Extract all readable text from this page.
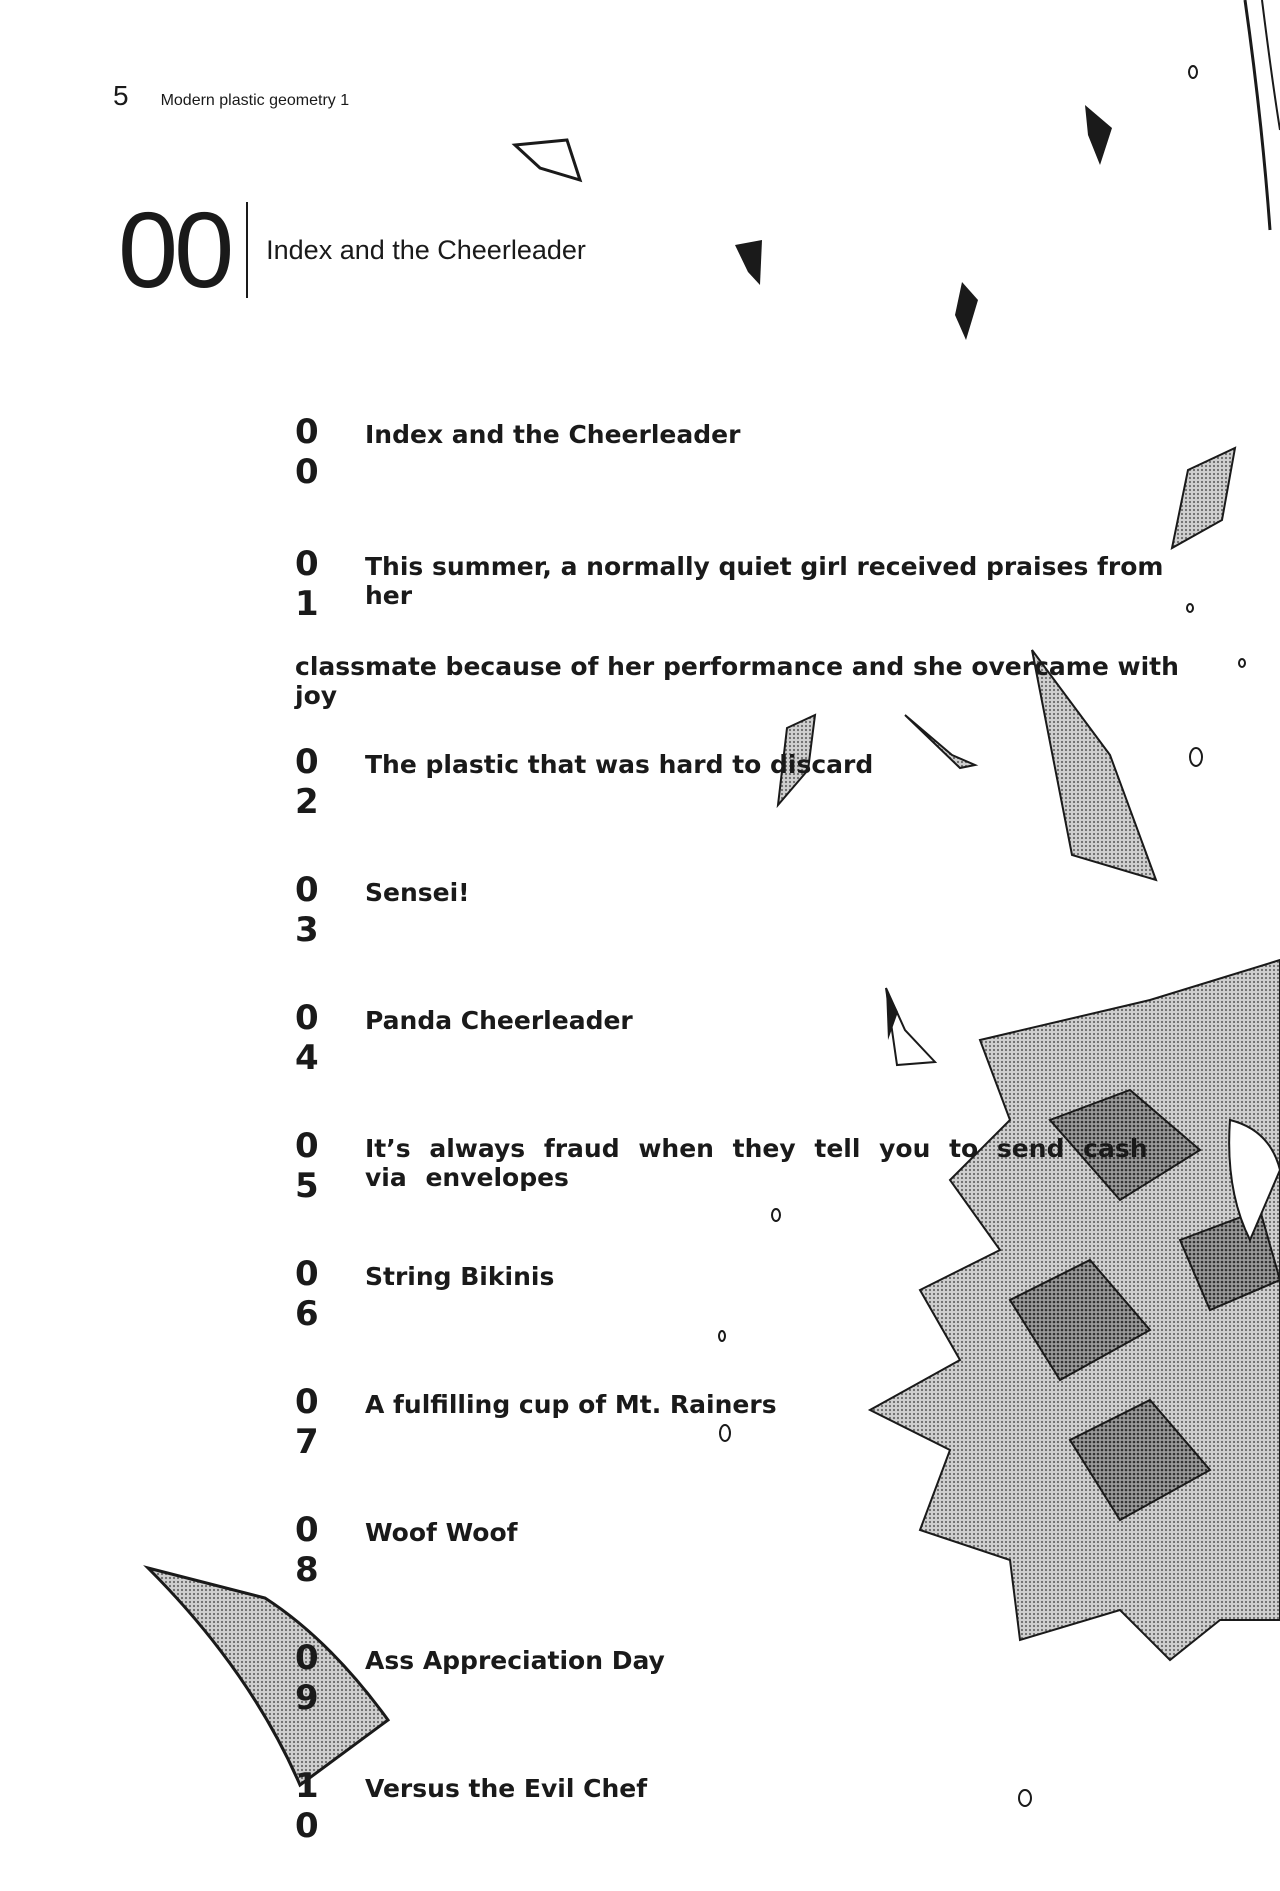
5 Modern plastic geometry 1
00 Index and the Cheerleader
0 0
Index and the Cheerleader
0 1
This summer, a normally quiet girl received praises from her
classmate because of her performance and she overcame with joy
0 2
The plastic that was hard to discard
0 3
Sensei!
0 4
Panda Cheerleader
0 5
It’s always fraud when they tell you to send cash via envelopes
0 6
String Bikinis
0 7
A fulfilling cup of Mt. Rainers
0 8
Woof Woof
0 9
Ass Appreciation Day
1 0
Versus the Evil Chef
